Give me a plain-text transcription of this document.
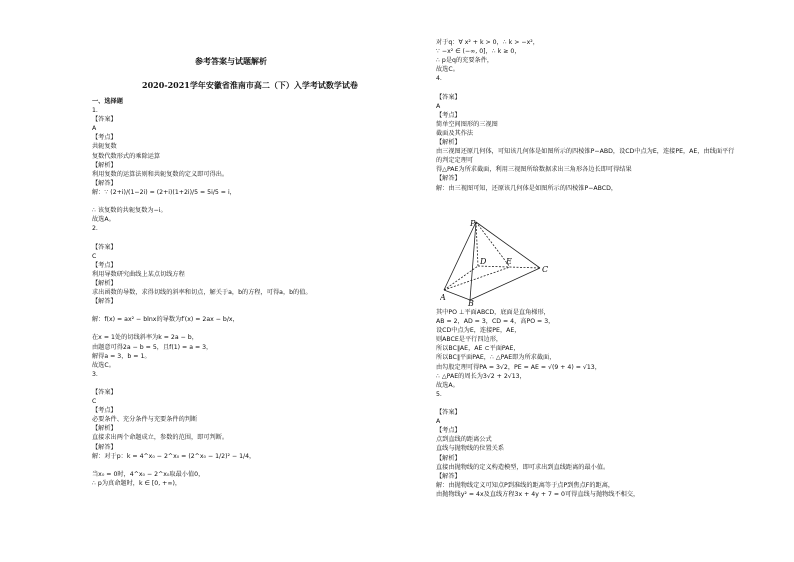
参考答案与试题解析
2020-2021学年安徽省淮南市高二（下）入学考试数学试卷
一、选择题
1.
【答案】
A
【考点】
共轭复数
复数代数形式的乘除运算
【解析】
利用复数的运算法则和共轭复数的定义即可得出。
【解答】
解：∵ (2+i)/(1−2i) = (2+i)(1+2i)/5 = 5i/5 = i，
∴ 该复数的共轭复数为−i。
故选A。
2.
【答案】
C
【考点】
利用导数研究曲线上某点切线方程
【解析】
求出函数的导数，求得切线的斜率和切点，解关于a，b的方程，可得a，b的值。
【解答】
解：f(x) = ax² − blnx的导数为f′(x) = 2ax − b/x，
在x = 1处的切线斜率为k = 2a − b，
由题意可得2a − b = 5，且f(1) = a = 3，
解得a = 3，b = 1。
故选C。
3.
【答案】
C
【考点】
必要条件、充分条件与充要条件的判断
【解析】
直接求出两个命题成立，参数的范围，即可判断。
【解答】
解：对于p：k = 4^x₀ − 2^x₀ = (2^x₀ − 1/2)² − 1/4，
当x₀ = 0时，4^x₀ − 2^x₀取最小值0，
∴ p为真命题时，k ∈ [0, +∞)，
对于q：∀ x² + k > 0，∴ k > −x²，
∵ −x² ∈ (−∞, 0]，∴ k ≥ 0，
∴ p是q的充要条件，
故选C。
4.
【答案】
A
【考点】
简单空间图形的三视图
截面及其作法
【解析】
由三视图还原几何体，可知该几何体是如图所示的四棱锥P−ABD，设CD中点为E，连接PE，AE，由线面平行
的判定定理可
得△PAE为所求截面，利用三视图所给数据求出三角形各边长即可得结果
【解答】
解：由三视图可知，还原该几何体是如图所示的四棱锥P−ABCD，
P
A
B
C
D E
其中PO ⊥平面ABCD，底面是直角梯形，
AB = 2，AD = 3，CD = 4，高PO = 3，
设CD中点为E，连接PE，AE，
则ABCE是平行四边形，
所以BC∥AE，AE ⊂平面PAE，
所以BC∥平面PAE，∴ △PAE即为所求截面，
由勾股定理可得PA = 3√2，PE = AE = √(9 + 4) = √13，
∴ △PAE的周长为3√2 + 2√13，
故选A。
5.
【答案】
A
【考点】
点到直线的距离公式
直线与抛物线的位置关系
【解析】
直接由抛物线的定义构造模型，即可求出到直线距离的最小值。
【解答】
解：由抛物线定义可知点P到准线的距离等于点P到焦点F的距离，
由抛物线y² = 4x及直线方程3x + 4y + 7 = 0可得直线与抛物线不相交，
